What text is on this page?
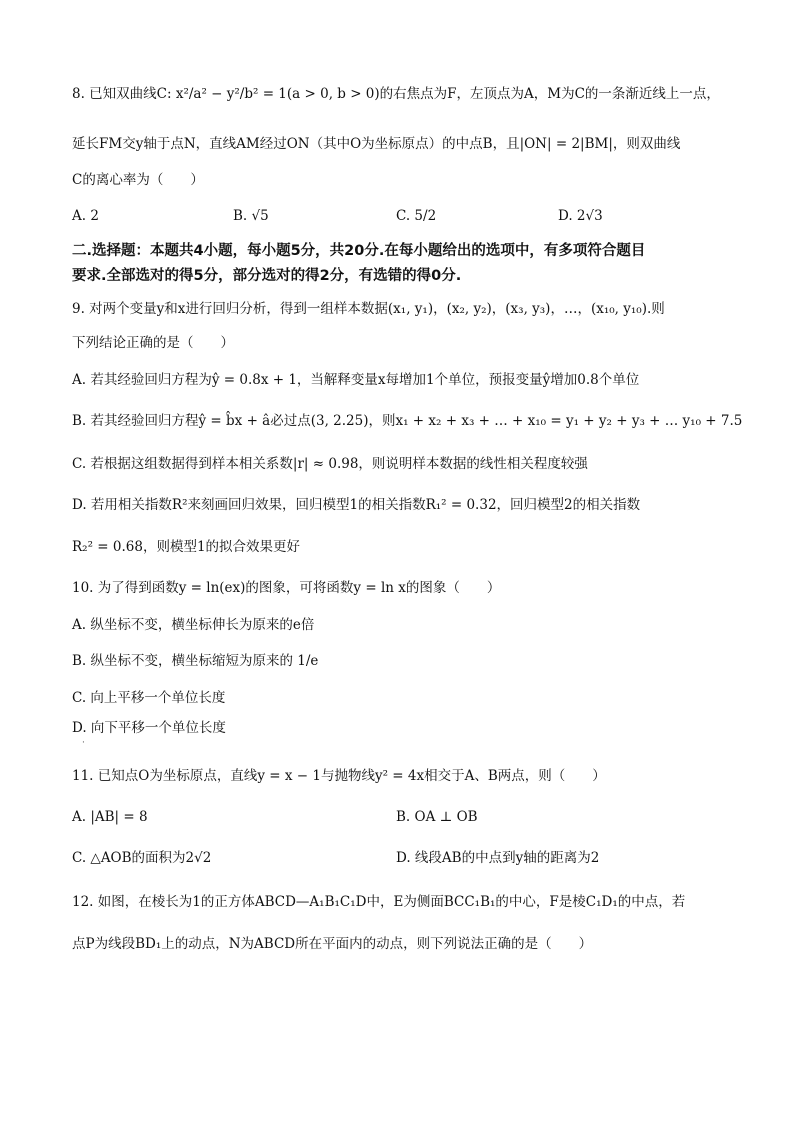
8. 已知双曲线C: x²/a² − y²/b² = 1(a > 0, b > 0)的右焦点为F，左顶点为A，M为C的一条渐近线上一点，
延长FM交y轴于点N，直线AM经过ON（其中O为坐标原点）的中点B，且|ON| = 2|BM|，则双曲线
C的离心率为（　　）
A. 2	B. √5	C. 5/2	D. 2√3
二.选择题：本题共4小题，每小题5分，共20分.在每小题给出的选项中，有多项符合题目
要求.全部选对的得5分，部分选对的得2分，有选错的得0分.
9. 对两个变量y和x进行回归分析，得到一组样本数据(x₁, y₁)，(x₂, y₂)，(x₃, y₃)，…，(x₁₀, y₁₀).则
下列结论正确的是（　　）
A. 若其经验回归方程为ŷ = 0.8x + 1，当解释变量x每增加1个单位，预报变量ŷ增加0.8个单位
B. 若其经验回归方程ŷ = b̂x + â必过点(3, 2.25)，则x₁ + x₂ + x₃ + … + x₁₀ = y₁ + y₂ + y₃ + … y₁₀ + 7.5
C. 若根据这组数据得到样本相关系数|r| ≈ 0.98，则说明样本数据的线性相关程度较强
D. 若用相关指数R²来刻画回归效果，回归模型1的相关指数R₁² = 0.32，回归模型2的相关指数
R₂² = 0.68，则模型1的拟合效果更好
10. 为了得到函数y = ln(ex)的图象，可将函数y = ln x的图象（　　）
A. 纵坐标不变，横坐标伸长为原来的e倍
B. 纵坐标不变，横坐标缩短为原来的 1/e
C. 向上平移一个单位长度
D. 向下平移一个单位长度
·
11. 已知点O为坐标原点，直线y = x − 1与抛物线y² = 4x相交于A、B两点，则（　　）
A. |AB| = 8	B. OA ⊥ OB
C. △AOB的面积为2√2	D. 线段AB的中点到y轴的距离为2
12. 如图，在棱长为1的正方体ABCD—A₁B₁C₁D中，E为侧面BCC₁B₁的中心，F是棱C₁D₁的中点，若
点P为线段BD₁上的动点，N为ABCD所在平面内的动点，则下列说法正确的是（　　）
